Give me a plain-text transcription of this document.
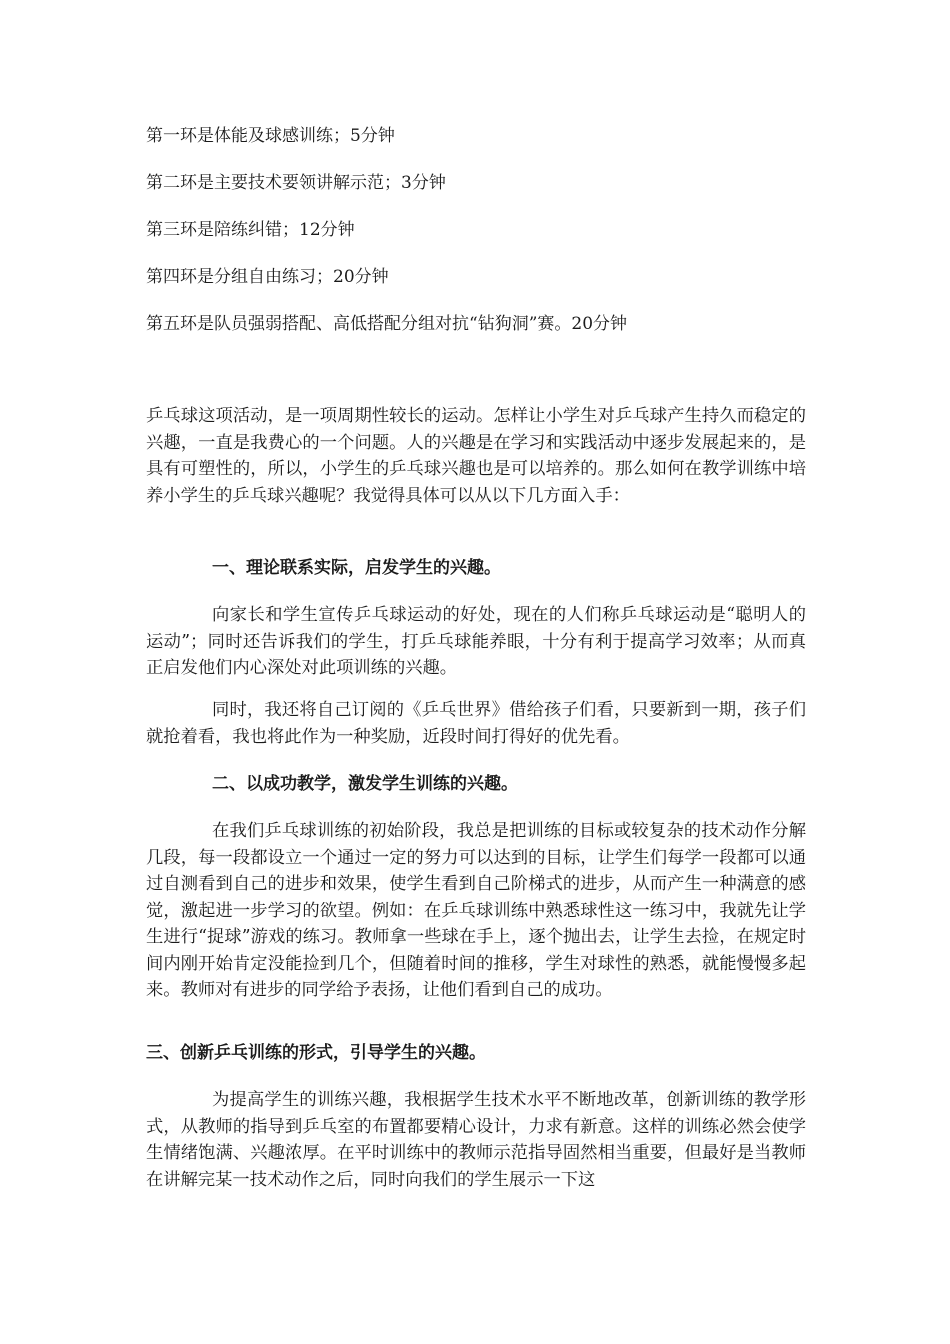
第一环是体能及球感训练；5分钟
第二环是主要技术要领讲解示范；3分钟
第三环是陪练纠错；12分钟
第四环是分组自由练习；20分钟
第五环是队员强弱搭配、高低搭配分组对抗“钻狗洞”赛。20分钟
乒乓球这项活动，是一项周期性较长的运动。怎样让小学生对乒乓球产生持久而稳定的兴趣，一直是我费心的一个问题。人的兴趣是在学习和实践活动中逐步发展起来的，是具有可塑性的，所以，小学生的乒乓球兴趣也是可以培养的。那么如何在教学训练中培养小学生的乒乓球兴趣呢？我觉得具体可以从以下几方面入手：
一、理论联系实际，启发学生的兴趣。
向家长和学生宣传乒乓球运动的好处，现在的人们称乒乓球运动是“聪明人的运动”；同时还告诉我们的学生，打乒乓球能养眼，十分有利于提高学习效率；从而真正启发他们内心深处对此项训练的兴趣。
同时，我还将自己订阅的《乒乓世界》借给孩子们看，只要新到一期，孩子们就抢着看，我也将此作为一种奖励，近段时间打得好的优先看。
二、以成功教学，激发学生训练的兴趣。
在我们乒乓球训练的初始阶段，我总是把训练的目标或较复杂的技术动作分解几段，每一段都设立一个通过一定的努力可以达到的目标，让学生们每学一段都可以通过自测看到自己的进步和效果，使学生看到自己阶梯式的进步，从而产生一种满意的感觉，激起进一步学习的欲望。例如：在乒乓球训练中熟悉球性这一练习中，我就先让学生进行“捉球”游戏的练习。教师拿一些球在手上，逐个抛出去，让学生去捡，在规定时间内刚开始肯定没能捡到几个，但随着时间的推移，学生对球性的熟悉，就能慢慢多起来。教师对有进步的同学给予表扬，让他们看到自己的成功。
三、创新乒乓训练的形式，引导学生的兴趣。
为提高学生的训练兴趣，我根据学生技术水平不断地改革，创新训练的教学形式，从教师的指导到乒乓室的布置都要精心设计，力求有新意。这样的训练必然会使学生情绪饱满、兴趣浓厚。在平时训练中的教师示范指导固然相当重要，但最好是当教师在讲解完某一技术动作之后，同时向我们的学生展示一下这
